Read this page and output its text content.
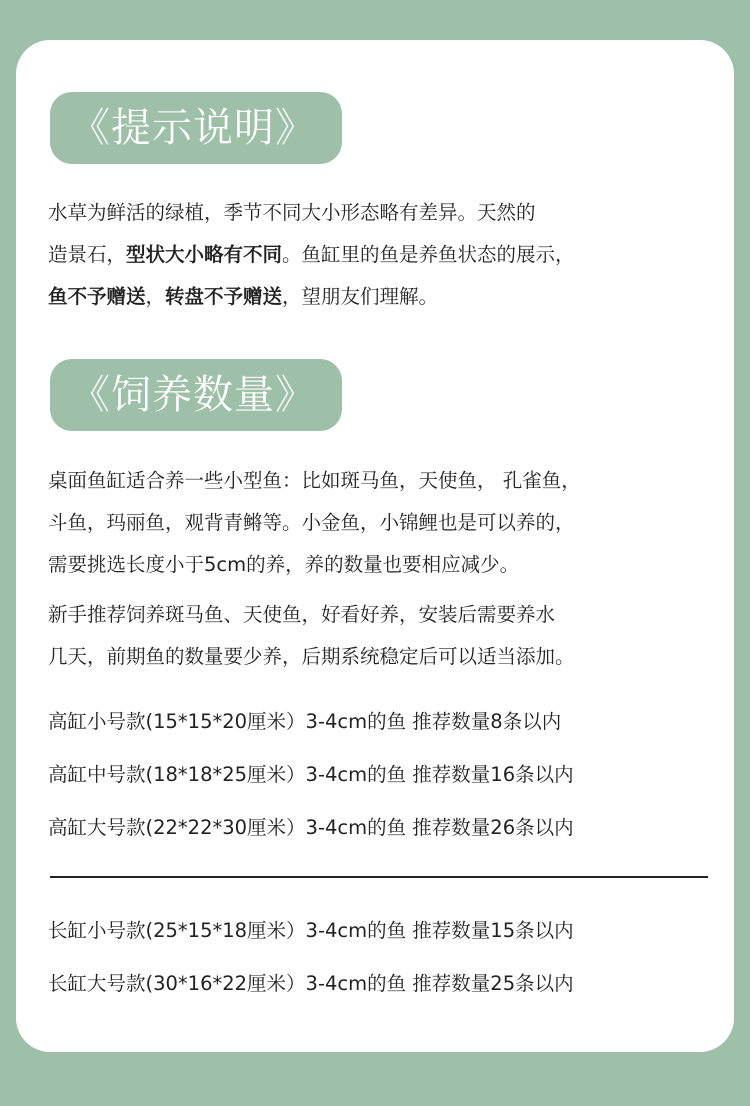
《提示说明》
水草为鲜活的绿植，季节不同大小形态略有差异。天然的
造景石，型状大小略有不同。鱼缸里的鱼是养鱼状态的展示，
鱼不予赠送，转盘不予赠送，望朋友们理解。
《饲养数量》
桌面鱼缸适合养一些小型鱼：比如斑马鱼，天使鱼， 孔雀鱼，
斗鱼，玛丽鱼，观背青鳉等。小金鱼，小锦鲤也是可以养的，
需要挑选长度小于5cm的养，养的数量也要相应减少。
新手推荐饲养斑马鱼、天使鱼，好看好养，安装后需要养水
几天，前期鱼的数量要少养，后期系统稳定后可以适当添加。
高缸小号款(15*15*20厘米）3-4cm的鱼 推荐数量8条以内
高缸中号款(18*18*25厘米）3-4cm的鱼 推荐数量16条以内
高缸大号款(22*22*30厘米）3-4cm的鱼 推荐数量26条以内
长缸小号款(25*15*18厘米）3-4cm的鱼 推荐数量15条以内
长缸大号款(30*16*22厘米）3-4cm的鱼 推荐数量25条以内
